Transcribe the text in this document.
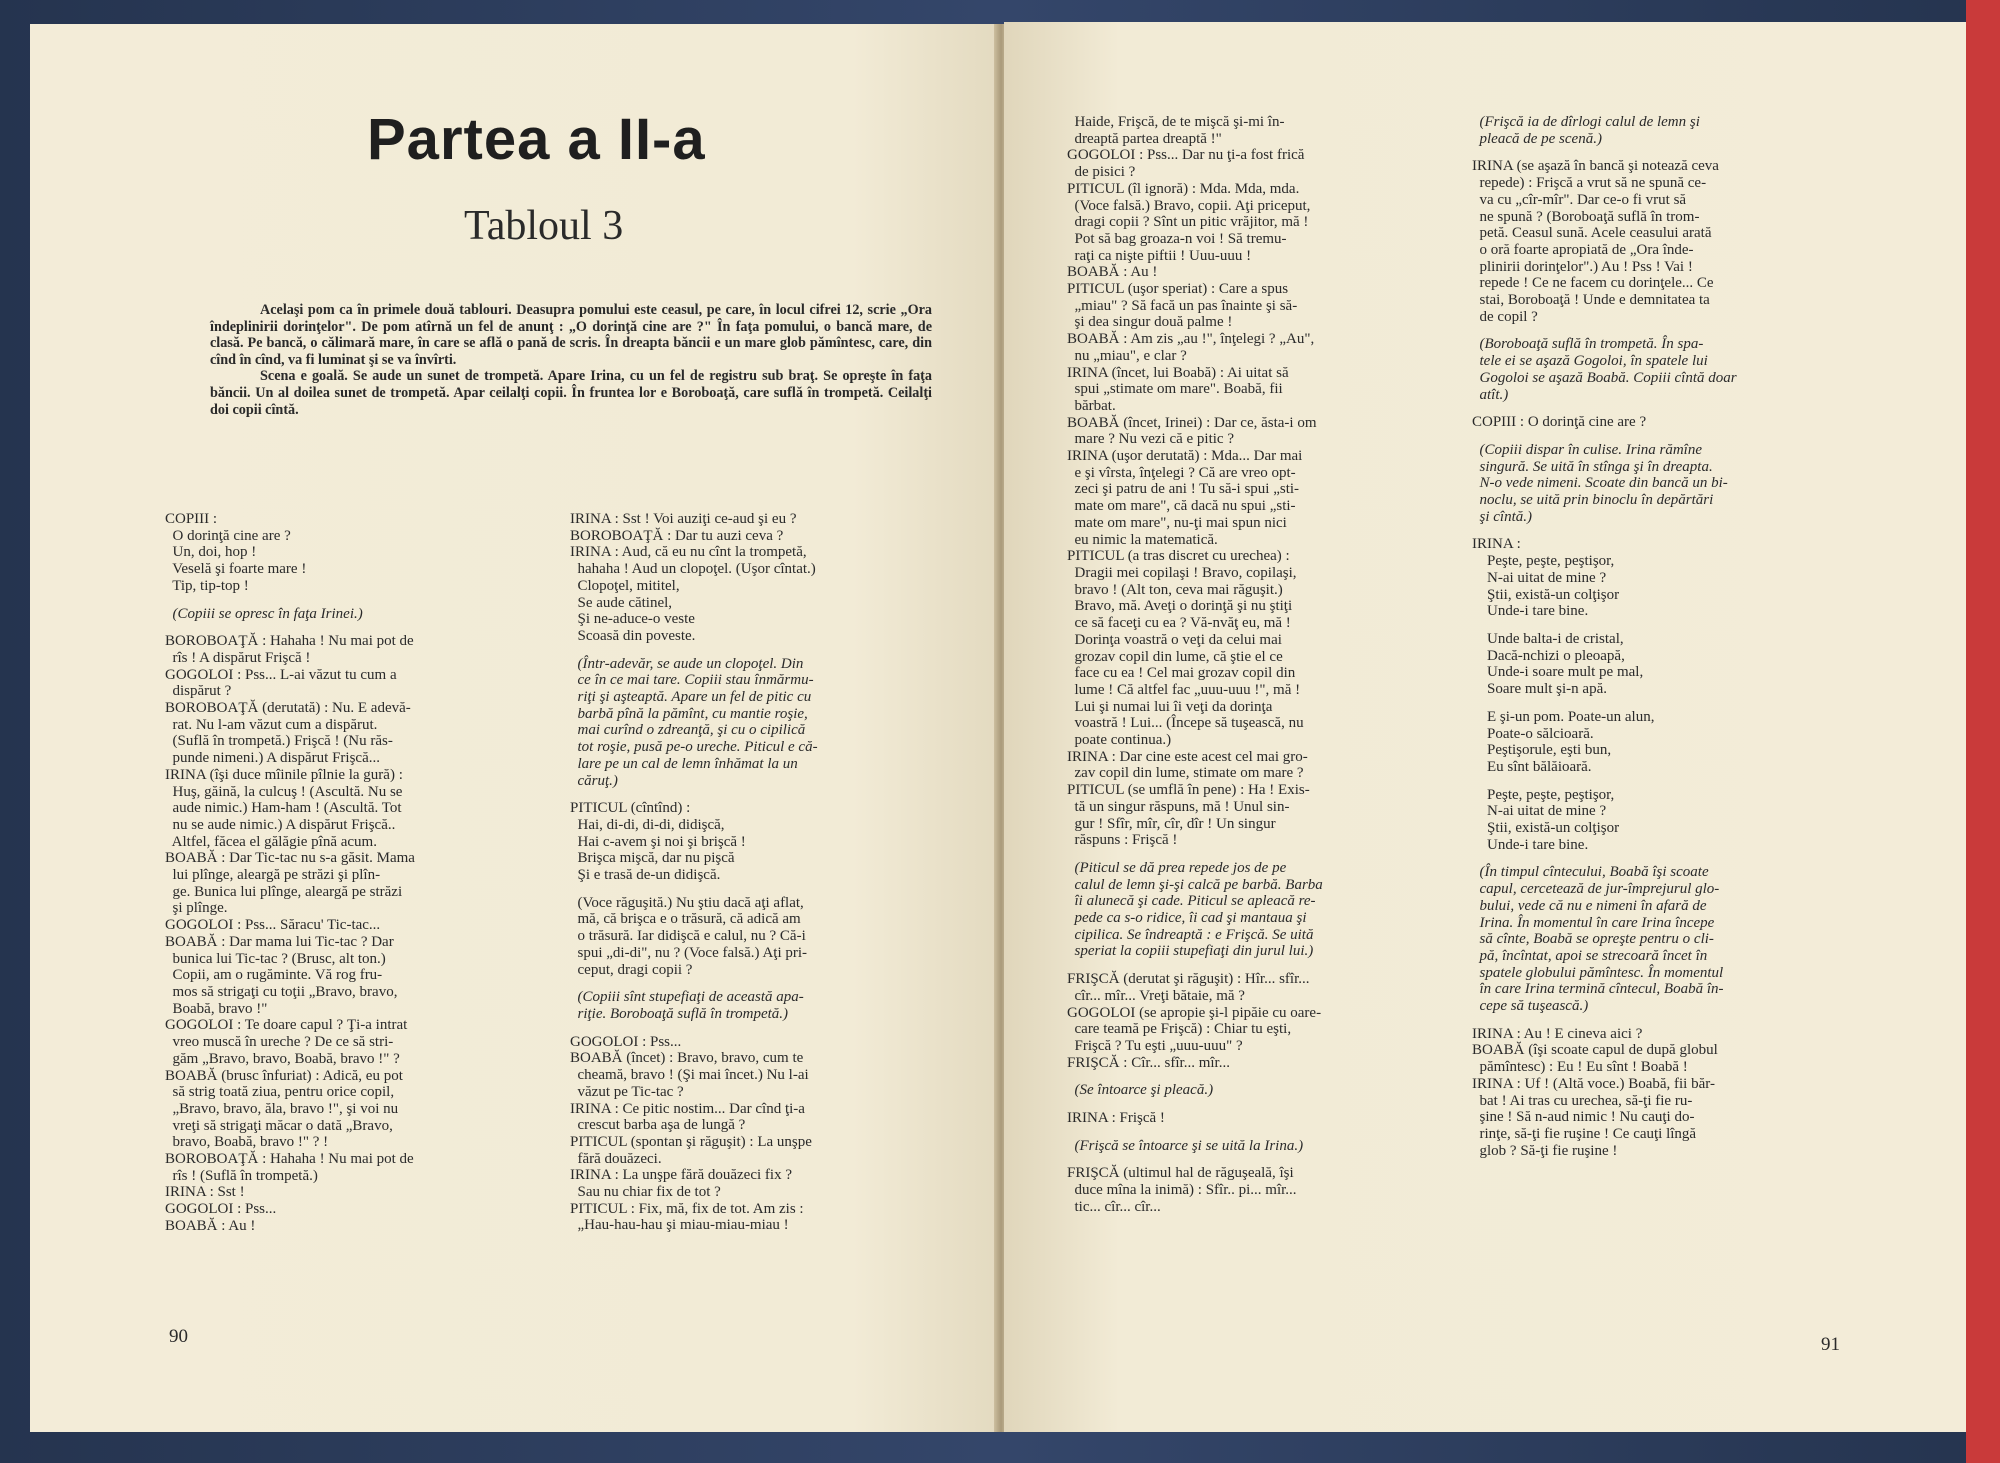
Partea a II-a
Tabloul 3

Acelaşi pom ca în primele două tablouri. Deasupra pomului este ceasul, pe care, în locul cifrei 12, scrie „Ora îndeplinirii dorinţelor". De pom atîrnă un fel de anunţ : „O dorinţă cine are ?" În faţa pomului, o bancă mare, de clasă. Pe bancă, o călimară mare, în care se află o pană de scris. În dreapta băncii e un mare glob pămîntesc, care, din cînd în cînd, va fi luminat şi se va învîrti.

Scena e goală. Se aude un sunet de trompetă. Apare Irina, cu un fel de registru sub braţ. Se opreşte în faţa băncii. Un al doilea sunet de trompetă. Apar ceilalţi copii. În fruntea lor e Boroboaţă, care suflă în trompetă. Ceilalţi doi copii cîntă.

COPIII :
O dorinţă cine are ?
Un, doi, hop !
Veselă şi foarte mare !
Tip, tip-top !
(Copiii se opresc în faţa Irinei.)
BOROBOAŢĂ : Hahaha ! Nu mai pot de
rîs ! A dispărut Frişcă !
GOGOLOI : Pss... L-ai văzut tu cum a
dispărut ?
BOROBOAŢĂ (derutată) : Nu. E adevă-
rat. Nu l-am văzut cum a dispărut.
(Suflă în trompetă.) Frişcă ! (Nu răs-
punde nimeni.) A dispărut Frişcă...
IRINA (îşi duce mîinile pîlnie la gură) :
Huş, găină, la culcuş ! (Ascultă. Nu se
aude nimic.) Ham-ham ! (Ascultă. Tot
nu se aude nimic.) A dispărut Frişcă..
Altfel, făcea el gălăgie pînă acum.
BOABĂ : Dar Tic-tac nu s-a găsit. Mama
lui plînge, aleargă pe străzi şi plîn-
ge. Bunica lui plînge, aleargă pe străzi
şi plînge.
GOGOLOI : Pss... Săracu' Tic-tac...
BOABĂ : Dar mama lui Tic-tac ? Dar
bunica lui Tic-tac ? (Brusc, alt ton.)
Copii, am o rugăminte. Vă rog fru-
mos să strigaţi cu toţii „Bravo, bravo,
Boabă, bravo !"
GOGOLOI : Te doare capul ? Ţi-a intrat
vreo muscă în ureche ? De ce să stri-
găm „Bravo, bravo, Boabă, bravo !" ?
BOABĂ (brusc înfuriat) : Adică, eu pot
să strig toată ziua, pentru orice copil,
„Bravo, bravo, ăla, bravo !", şi voi nu
vreţi să strigaţi măcar o dată „Bravo,
bravo, Boabă, bravo !" ? !
BOROBOAŢĂ : Hahaha ! Nu mai pot de
rîs ! (Suflă în trompetă.)
IRINA : Sst !
GOGOLOI : Pss...
BOABĂ : Au !
IRINA : Sst ! Voi auziţi ce-aud şi eu ?
BOROBOAŢĂ : Dar tu auzi ceva ?
IRINA : Aud, că eu nu cînt la trompetă,
hahaha ! Aud un clopoţel. (Uşor cîntat.)
Clopoţel, mititel,
Se aude cătinel,
Şi ne-aduce-o veste
Scoasă din poveste.
(Într-adevăr, se aude un clopoţel. Din
ce în ce mai tare. Copiii stau înmărmu-
riţi şi aşteaptă. Apare un fel de pitic cu
barbă pînă la pămînt, cu mantie roşie,
mai curînd o zdreanţă, şi cu o cipilică
tot roşie, pusă pe-o ureche. Piticul e că-
lare pe un cal de lemn înhămat la un
căruţ.)
PITICUL (cîntînd) :
Hai, di-di, di-di, didişcă,
Hai c-avem şi noi şi brişcă !
Brişca mişcă, dar nu pişcă
Şi e trasă de-un didişcă.
(Voce răguşită.) Nu ştiu dacă aţi aflat,
mă, că brişca e o trăsură, că adică am
o trăsură. Iar didişcă e calul, nu ? Că-i
spui „di-di", nu ? (Voce falsă.) Aţi pri-
ceput, dragi copii ?
(Copiii sînt stupefiaţi de această apa-
riţie. Boroboaţă suflă în trompetă.)
GOGOLOI : Pss...
BOABĂ (încet) : Bravo, bravo, cum te
cheamă, bravo ! (Şi mai încet.) Nu l-ai
văzut pe Tic-tac ?
IRINA : Ce pitic nostim... Dar cînd ţi-a
crescut barba aşa de lungă ?
PITICUL (spontan şi răguşit) : La unşpe
fără douăzeci.
IRINA : La unşpe fără douăzeci fix ?
Sau nu chiar fix de tot ?
PITICUL : Fix, mă, fix de tot. Am zis :
„Hau-hau-hau şi miau-miau-miau !
90
Haide, Frişcă, de te mişcă şi-mi în-
dreaptă partea dreaptă !"
GOGOLOI : Pss... Dar nu ţi-a fost frică
de pisici ?
PITICUL (îl ignoră) : Mda. Mda, mda.
(Voce falsă.) Bravo, copii. Aţi priceput,
dragi copii ? Sînt un pitic vrăjitor, mă !
Pot să bag groaza-n voi ! Să tremu-
raţi ca nişte piftii ! Uuu-uuu !
BOABĂ : Au !
PITICUL (uşor speriat) : Care a spus
„miau" ? Să facă un pas înainte şi să-
şi dea singur două palme !
BOABĂ : Am zis „au !", înţelegi ? „Au",
nu „miau", e clar ?
IRINA (încet, lui Boabă) : Ai uitat să
spui „stimate om mare". Boabă, fii
bărbat.
BOABĂ (încet, Irinei) : Dar ce, ăsta-i om
mare ? Nu vezi că e pitic ?
IRINA (uşor derutată) : Mda... Dar mai
e şi vîrsta, înţelegi ? Că are vreo opt-
zeci şi patru de ani ! Tu să-i spui „sti-
mate om mare", că dacă nu spui „sti-
mate om mare", nu-ţi mai spun nici
eu nimic la matematică.
PITICUL (a tras discret cu urechea) :
Dragii mei copilaşi ! Bravo, copilaşi,
bravo ! (Alt ton, ceva mai răguşit.)
Bravo, mă. Aveţi o dorinţă şi nu ştiţi
ce să faceţi cu ea ? Vă-nvăţ eu, mă !
Dorinţa voastră o veţi da celui mai
grozav copil din lume, că ştie el ce
face cu ea ! Cel mai grozav copil din
lume ! Că altfel fac „uuu-uuu !", mă !
Lui şi numai lui îi veţi da dorinţa
voastră ! Lui... (Începe să tuşească, nu
poate continua.)
IRINA : Dar cine este acest cel mai gro-
zav copil din lume, stimate om mare ?
PITICUL (se umflă în pene) : Ha ! Exis-
tă un singur răspuns, mă ! Unul sin-
gur ! Sfîr, mîr, cîr, dîr ! Un singur
răspuns : Frişcă !
(Piticul se dă prea repede jos de pe
calul de lemn şi-şi calcă pe barbă. Barba
îi alunecă şi cade. Piticul se apleacă re-
pede ca s-o ridice, îi cad şi mantaua şi
cipilica. Se îndreaptă : e Frişcă. Se uită
speriat la copiii stupefiaţi din jurul lui.)
FRIŞCĂ (derutat şi răguşit) : Hîr... sfîr...
cîr... mîr... Vreţi bătaie, mă ?
GOGOLOI (se apropie şi-l pipăie cu oare-
care teamă pe Frişcă) : Chiar tu eşti,
Frişcă ? Tu eşti „uuu-uuu" ?
FRIŞCĂ : Cîr... sfîr... mîr...
(Se întoarce şi pleacă.)
IRINA : Frişcă !
(Frişcă se întoarce şi se uită la Irina.)
FRIŞCĂ (ultimul hal de răguşeală, îşi
duce mîna la inimă) : Sfîr.. pi... mîr...
tic... cîr... cîr...
(Frişcă ia de dîrlogi calul de lemn şi
pleacă de pe scenă.)
IRINA (se aşază în bancă şi notează ceva
repede) : Frişcă a vrut să ne spună ce-
va cu „cîr-mîr". Dar ce-o fi vrut să
ne spună ? (Boroboaţă suflă în trom-
petă. Ceasul sună. Acele ceasului arată
o oră foarte apropiată de „Ora înde-
plinirii dorinţelor".) Au ! Pss ! Vai !
repede ! Ce ne facem cu dorinţele... Ce
stai, Boroboaţă ! Unde e demnitatea ta
de copil ?
(Boroboaţă suflă în trompetă. În spa-
tele ei se aşază Gogoloi, în spatele lui
Gogoloi se aşază Boabă. Copiii cîntă doar
atît.)
COPIII : O dorinţă cine are ?
(Copiii dispar în culise. Irina rămîne
singură. Se uită în stînga şi în dreapta.
N-o vede nimeni. Scoate din bancă un bi-
noclu, se uită prin binoclu în depărtări
şi cîntă.)
IRINA :
Peşte, peşte, peştişor,
N-ai uitat de mine ?
Ştii, există-un colţişor
Unde-i tare bine.
Unde balta-i de cristal,
Dacă-nchizi o pleoapă,
Unde-i soare mult pe mal,
Soare mult şi-n apă.
E şi-un pom. Poate-un alun,
Poate-o sălcioară.
Peştişorule, eşti bun,
Eu sînt bălăioară.
Peşte, peşte, peştişor,
N-ai uitat de mine ?
Ştii, există-un colţişor
Unde-i tare bine.
(În timpul cîntecului, Boabă îşi scoate
capul, cercetează de jur-împrejurul glo-
bului, vede că nu e nimeni în afară de
Irina. În momentul în care Irina începe
să cînte, Boabă se opreşte pentru o cli-
pă, încîntat, apoi se strecoară încet în
spatele globului pămîntesc. În momentul
în care Irina termină cîntecul, Boabă în-
cepe să tuşească.)
IRINA : Au ! E cineva aici ?
BOABĂ (îşi scoate capul de după globul
pămîntesc) : Eu ! Eu sînt ! Boabă !
IRINA : Uf ! (Altă voce.) Boabă, fii băr-
bat ! Ai tras cu urechea, să-ţi fie ru-
şine ! Să n-aud nimic ! Nu cauţi do-
rinţe, să-ţi fie ruşine ! Ce cauţi lîngă
glob ? Să-ţi fie ruşine !
91
